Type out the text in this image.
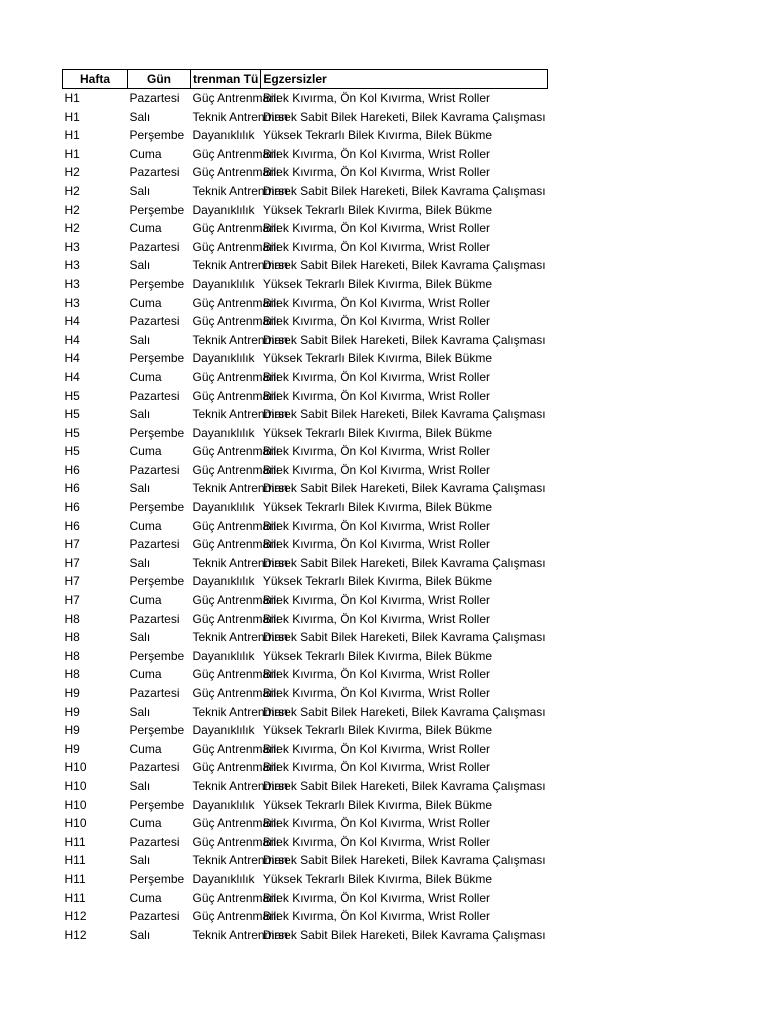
Hafta	Gün	trenman Tü	Egzersizler
H1	Pazartesi	Güç Antrenmanı	Bilek Kıvırma, Ön Kol Kıvırma, Wrist Roller
H1	Salı	Teknik Antrenman	Dirsek Sabit Bilek Hareketi, Bilek Kavrama Çalışması
H1	Perşembe	Dayanıklılık	Yüksek Tekrarlı Bilek Kıvırma, Bilek Bükme
H1	Cuma	Güç Antrenmanı	Bilek Kıvırma, Ön Kol Kıvırma, Wrist Roller
H2	Pazartesi	Güç Antrenmanı	Bilek Kıvırma, Ön Kol Kıvırma, Wrist Roller
H2	Salı	Teknik Antrenman	Dirsek Sabit Bilek Hareketi, Bilek Kavrama Çalışması
H2	Perşembe	Dayanıklılık	Yüksek Tekrarlı Bilek Kıvırma, Bilek Bükme
H2	Cuma	Güç Antrenmanı	Bilek Kıvırma, Ön Kol Kıvırma, Wrist Roller
H3	Pazartesi	Güç Antrenmanı	Bilek Kıvırma, Ön Kol Kıvırma, Wrist Roller
H3	Salı	Teknik Antrenman	Dirsek Sabit Bilek Hareketi, Bilek Kavrama Çalışması
H3	Perşembe	Dayanıklılık	Yüksek Tekrarlı Bilek Kıvırma, Bilek Bükme
H3	Cuma	Güç Antrenmanı	Bilek Kıvırma, Ön Kol Kıvırma, Wrist Roller
H4	Pazartesi	Güç Antrenmanı	Bilek Kıvırma, Ön Kol Kıvırma, Wrist Roller
H4	Salı	Teknik Antrenman	Dirsek Sabit Bilek Hareketi, Bilek Kavrama Çalışması
H4	Perşembe	Dayanıklılık	Yüksek Tekrarlı Bilek Kıvırma, Bilek Bükme
H4	Cuma	Güç Antrenmanı	Bilek Kıvırma, Ön Kol Kıvırma, Wrist Roller
H5	Pazartesi	Güç Antrenmanı	Bilek Kıvırma, Ön Kol Kıvırma, Wrist Roller
H5	Salı	Teknik Antrenman	Dirsek Sabit Bilek Hareketi, Bilek Kavrama Çalışması
H5	Perşembe	Dayanıklılık	Yüksek Tekrarlı Bilek Kıvırma, Bilek Bükme
H5	Cuma	Güç Antrenmanı	Bilek Kıvırma, Ön Kol Kıvırma, Wrist Roller
H6	Pazartesi	Güç Antrenmanı	Bilek Kıvırma, Ön Kol Kıvırma, Wrist Roller
H6	Salı	Teknik Antrenman	Dirsek Sabit Bilek Hareketi, Bilek Kavrama Çalışması
H6	Perşembe	Dayanıklılık	Yüksek Tekrarlı Bilek Kıvırma, Bilek Bükme
H6	Cuma	Güç Antrenmanı	Bilek Kıvırma, Ön Kol Kıvırma, Wrist Roller
H7	Pazartesi	Güç Antrenmanı	Bilek Kıvırma, Ön Kol Kıvırma, Wrist Roller
H7	Salı	Teknik Antrenman	Dirsek Sabit Bilek Hareketi, Bilek Kavrama Çalışması
H7	Perşembe	Dayanıklılık	Yüksek Tekrarlı Bilek Kıvırma, Bilek Bükme
H7	Cuma	Güç Antrenmanı	Bilek Kıvırma, Ön Kol Kıvırma, Wrist Roller
H8	Pazartesi	Güç Antrenmanı	Bilek Kıvırma, Ön Kol Kıvırma, Wrist Roller
H8	Salı	Teknik Antrenman	Dirsek Sabit Bilek Hareketi, Bilek Kavrama Çalışması
H8	Perşembe	Dayanıklılık	Yüksek Tekrarlı Bilek Kıvırma, Bilek Bükme
H8	Cuma	Güç Antrenmanı	Bilek Kıvırma, Ön Kol Kıvırma, Wrist Roller
H9	Pazartesi	Güç Antrenmanı	Bilek Kıvırma, Ön Kol Kıvırma, Wrist Roller
H9	Salı	Teknik Antrenman	Dirsek Sabit Bilek Hareketi, Bilek Kavrama Çalışması
H9	Perşembe	Dayanıklılık	Yüksek Tekrarlı Bilek Kıvırma, Bilek Bükme
H9	Cuma	Güç Antrenmanı	Bilek Kıvırma, Ön Kol Kıvırma, Wrist Roller
H10	Pazartesi	Güç Antrenmanı	Bilek Kıvırma, Ön Kol Kıvırma, Wrist Roller
H10	Salı	Teknik Antrenman	Dirsek Sabit Bilek Hareketi, Bilek Kavrama Çalışması
H10	Perşembe	Dayanıklılık	Yüksek Tekrarlı Bilek Kıvırma, Bilek Bükme
H10	Cuma	Güç Antrenmanı	Bilek Kıvırma, Ön Kol Kıvırma, Wrist Roller
H11	Pazartesi	Güç Antrenmanı	Bilek Kıvırma, Ön Kol Kıvırma, Wrist Roller
H11	Salı	Teknik Antrenman	Dirsek Sabit Bilek Hareketi, Bilek Kavrama Çalışması
H11	Perşembe	Dayanıklılık	Yüksek Tekrarlı Bilek Kıvırma, Bilek Bükme
H11	Cuma	Güç Antrenmanı	Bilek Kıvırma, Ön Kol Kıvırma, Wrist Roller
H12	Pazartesi	Güç Antrenmanı	Bilek Kıvırma, Ön Kol Kıvırma, Wrist Roller
H12	Salı	Teknik Antrenman	Dirsek Sabit Bilek Hareketi, Bilek Kavrama Çalışması
